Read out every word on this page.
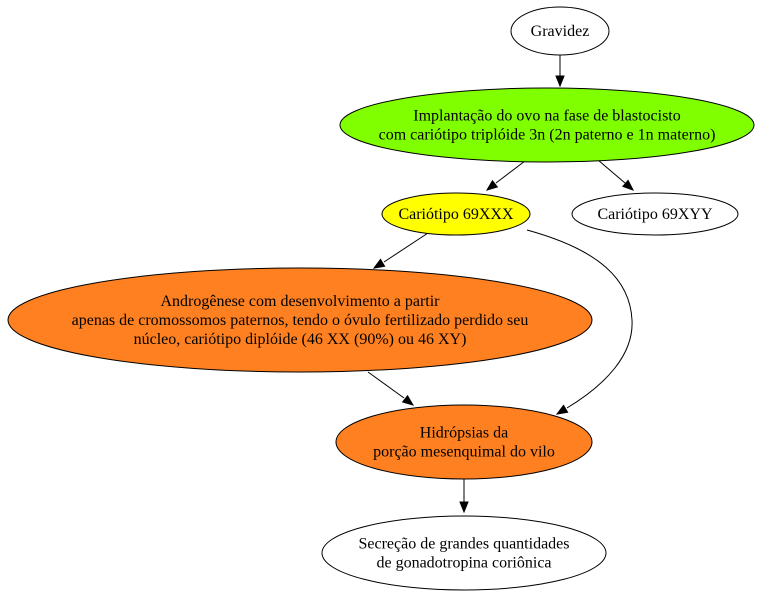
Gravidez
Implantação do ovo na fase de blastocisto
com cariótipo triplóide 3n (2n paterno e 1n materno)
Cariótipo 69XXX	Cariótipo 69XYY
Androgênese com desenvolvimento a partir
apenas de cromossomos paternos, tendo o óvulo fertilizado perdido seu
núcleo, cariótipo diplóide (46 XX (90%) ou 46 XY)
Hidrópsias da
porção mesenquimal do vilo
Secreção de grandes quantidades
de gonadotropina coriônica
